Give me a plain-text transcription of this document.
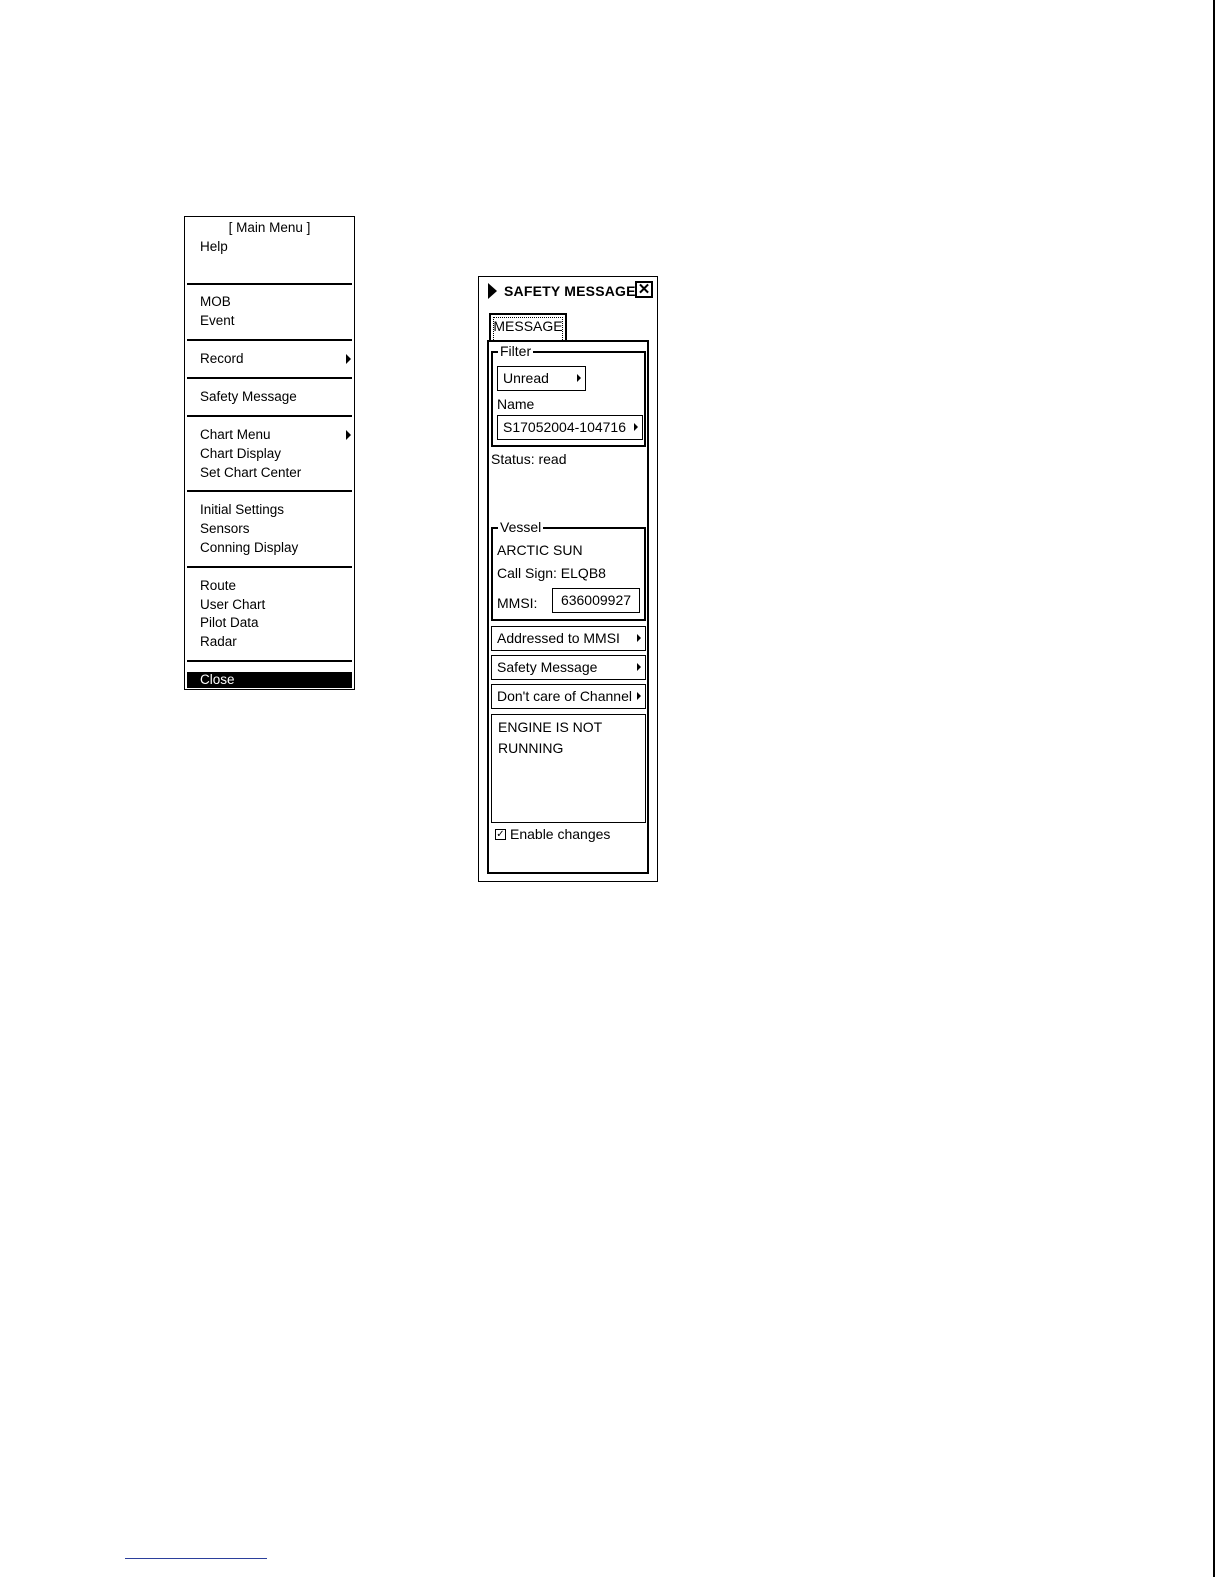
[ Main Menu ]
Help
MOB
Event
Record
Safety Message
Chart Menu
Chart Display
Set Chart Center
Initial Settings
Sensors
Conning Display
Route
User Chart
Pilot Data
Radar
Close
SAFETY MESSAGE ✕
MESSAGE
Filter
Unread
Name
S17052004-104716
Status: read
Vessel
ARCTIC SUN
Call Sign: ELQB8
MMSI:	636009927
Addressed to MMSI
Safety Message
Don't care of Channel
ENGINE IS NOT
RUNNING
✓ Enable changes
